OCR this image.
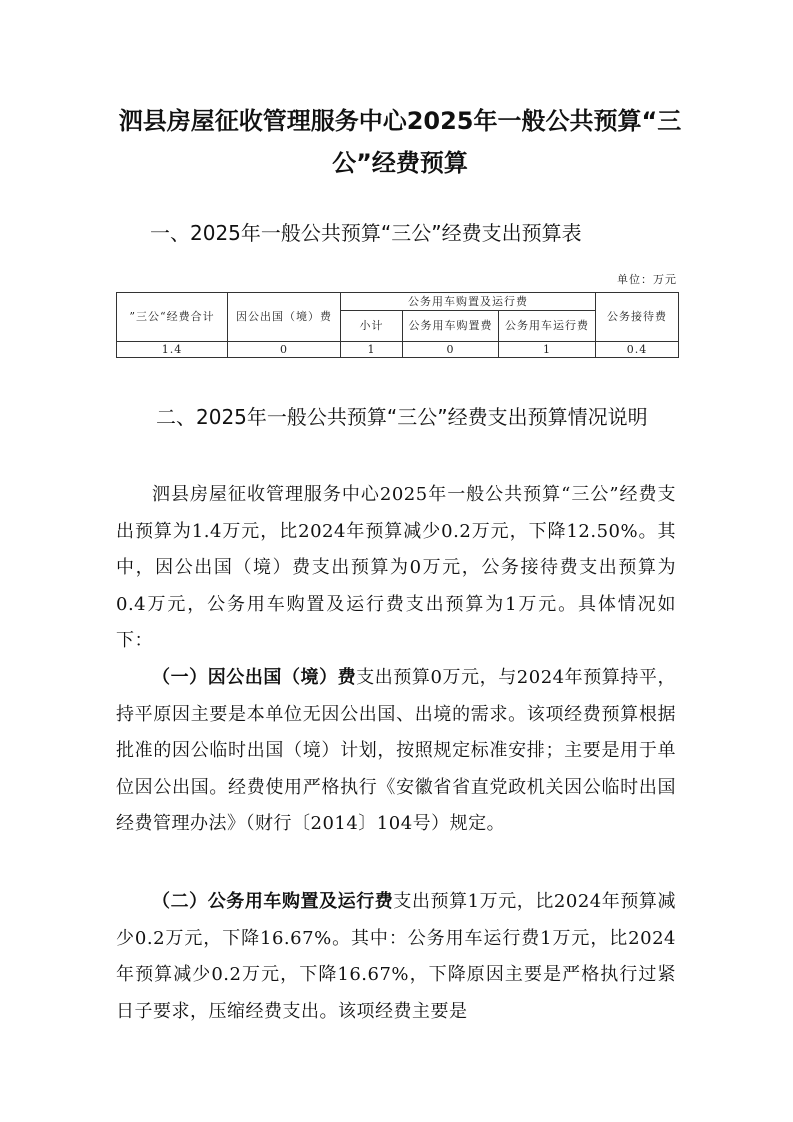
泗县房屋征收管理服务中心2025年一般公共预算“三公”经费预算
一、2025年一般公共预算“三公”经费支出预算表
单位：万元
”三公“经费合计	因公出国（境）费	公务用车购置及运行费			公务接待费
		小计	公务用车购置费	公务用车运行费	
1.4	0	1	0	1	0.4
二、2025年一般公共预算“三公”经费支出预算情况说明

泗县房屋征收管理服务中心2025年一般公共预算“三公”经费支出预算为1.4万元，比2024年预算减少0.2万元，下降12.50%。其中，因公出国（境）费支出预算为0万元，公务接待费支出预算为0.4万元，公务用车购置及运行费支出预算为1万元。具体情况如下：

（一）因公出国（境）费支出预算0万元，与2024年预算持平，持平原因主要是本单位无因公出国、出境的需求。该项经费预算根据批准的因公临时出国（境）计划，按照规定标准安排；主要是用于单位因公出国。经费使用严格执行《安徽省省直党政机关因公临时出国经费管理办法》（财行〔2014〕104号）规定。

（二）公务用车购置及运行费支出预算1万元，比2024年预算减少0.2万元，下降16.67%。其中：公务用车运行费1万元，比2024年预算减少0.2万元，下降16.67%，下降原因主要是严格执行过紧日子要求，压缩经费支出。该项经费主要是
